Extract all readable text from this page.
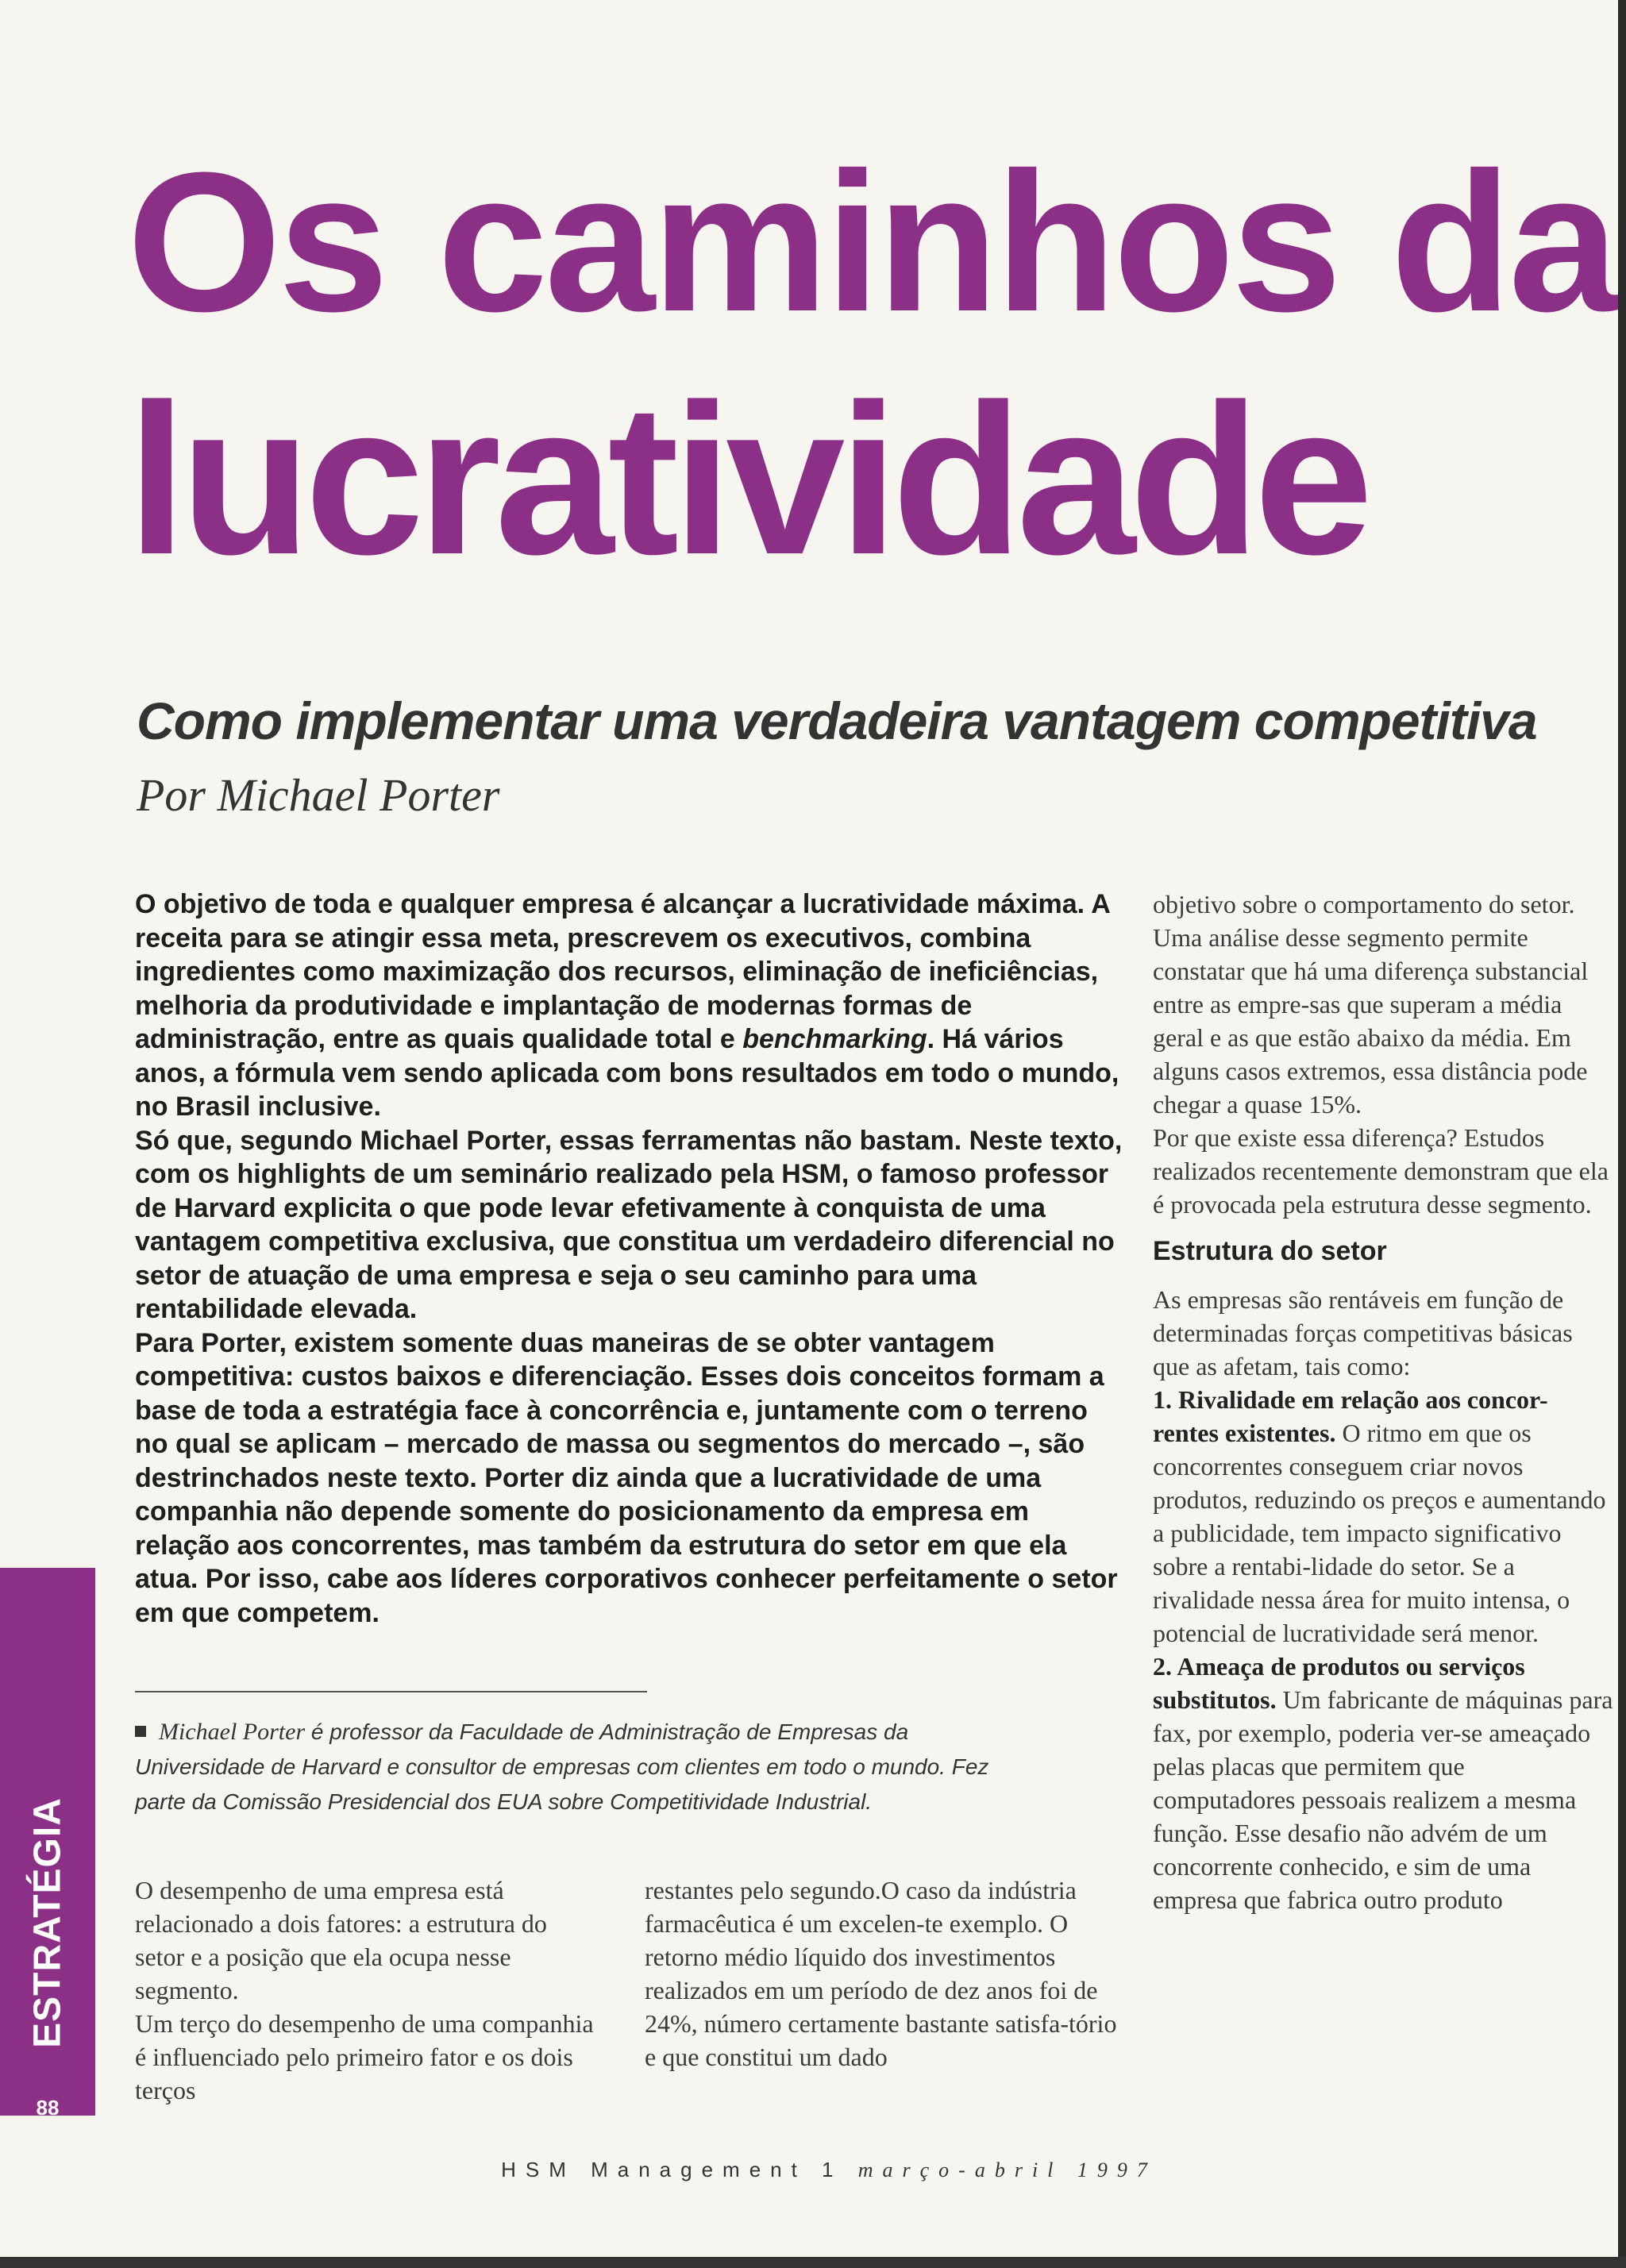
Os caminhos da
lucratividade
Como implementar uma verdadeira vantagem competitiva
Por Michael Porter

O objetivo de toda e qualquer empresa é alcançar a lucratividade máxima. A receita para se atingir essa meta, prescrevem os executivos, combina ingredientes como maximização dos recursos, eliminação de ineficiências, melhoria da produtividade e implantação de modernas formas de administração, entre as quais qualidade total e benchmarking. Há vários anos, a fórmula vem sendo aplicada com bons resultados em todo o mundo, no Brasil inclusive.

Só que, segundo Michael Porter, essas ferramentas não bastam. Neste texto, com os highlights de um seminário realizado pela HSM, o famoso professor de Harvard explicita o que pode levar efetivamente à conquista de uma vantagem competitiva exclusiva, que constitua um verdadeiro diferencial no setor de atuação de uma empresa e seja o seu caminho para uma rentabilidade elevada.

Para Porter, existem somente duas maneiras de se obter vantagem competitiva: custos baixos e diferenciação. Esses dois conceitos formam a base de toda a estratégia face à concorrência e, juntamente com o terreno no qual se aplicam – mercado de massa ou segmentos do mercado –, são destrinchados neste texto. Porter diz ainda que a lucratividade de uma companhia não depende somente do posicionamento da empresa em relação aos concorrentes, mas também da estrutura do setor em que ela atua. Por isso, cabe aos líderes corporativos conhecer perfeitamente o setor em que competem.

Michael Porter é professor da Faculdade de Administração de Empresas da Universidade de Harvard e consultor de empresas com clientes em todo o mundo. Fez parte da Comissão Presidencial dos EUA sobre Competitividade Industrial.

O desempenho de uma empresa está relacionado a dois fatores: a estrutura do setor e a posição que ela ocupa nesse segmento.

Um terço do desempenho de uma companhia é influenciado pelo primeiro fator e os dois terços

restantes pelo segundo.O caso da indústria farmacêutica é um excelen-te exemplo. O retorno médio líquido dos investimentos realizados em um período de dez anos foi de 24%, número certamente bastante satisfa-tório e que constitui um dado

objetivo sobre o comportamento do setor. Uma análise desse segmento permite constatar que há uma diferença substancial entre as empre-sas que superam a média geral e as que estão abaixo da média. Em alguns casos extremos, essa distância pode chegar a quase 15%.

Por que existe essa diferença? Estudos realizados recentemente demonstram que ela é provocada pela estrutura desse segmento.

Estrutura do setor

As empresas são rentáveis em função de determinadas forças competitivas básicas que as afetam, tais como:

1. Rivalidade em relação aos concor-rentes existentes. O ritmo em que os concorrentes conseguem criar novos produtos, reduzindo os preços e aumentando a publicidade, tem impacto significativo sobre a rentabi-lidade do setor. Se a rivalidade nessa área for muito intensa, o potencial de lucratividade será menor.

2. Ameaça de produtos ou serviços substitutos. Um fabricante de máquinas para fax, por exemplo, poderia ver-se ameaçado pelas placas que permitem que computadores pessoais realizem a mesma função. Esse desafio não advém de um concorrente conhecido, e sim de uma empresa que fabrica outro produto

ESTRATÉGIA
88
HSM Management 1 março-abril 1997
